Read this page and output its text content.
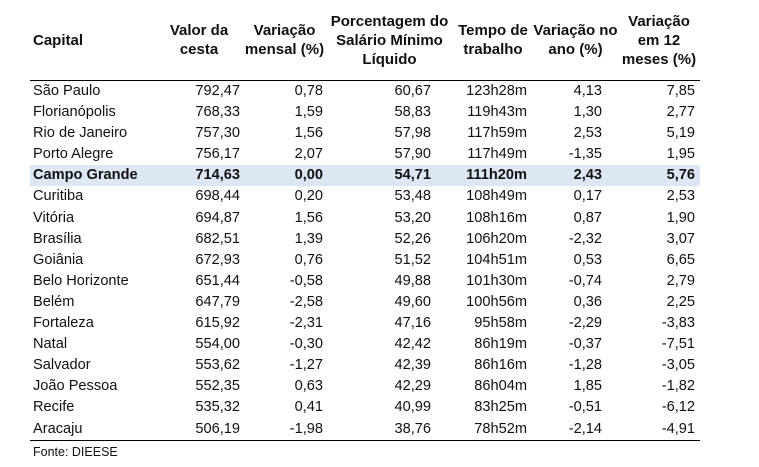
Capital	Valor da cesta	Variação mensal (%)	Porcentagem do Salário Mínimo Líquido	Tempo de trabalho	Variação no ano (%)	Variação em 12 meses (%)

São Paulo	792,47	0,78	60,67	123h28m	4,13	7,85
Florianópolis	768,33	1,59	58,83	119h43m	1,30	2,77
Rio de Janeiro	757,30	1,56	57,98	117h59m	2,53	5,19
Porto Alegre	756,17	2,07	57,90	117h49m	-1,35	1,95
Campo Grande	714,63	0,00	54,71	111h20m	2,43	5,76
Curitiba	698,44	0,20	53,48	108h49m	0,17	2,53
Vitória	694,87	1,56	53,20	108h16m	0,87	1,90
Brasília	682,51	1,39	52,26	106h20m	-2,32	3,07
Goiânia	672,93	0,76	51,52	104h51m	0,53	6,65
Belo Horizonte	651,44	-0,58	49,88	101h30m	-0,74	2,79
Belém	647,79	-2,58	49,60	100h56m	0,36	2,25
Fortaleza	615,92	-2,31	47,16	95h58m	-2,29	-3,83
Natal	554,00	-0,30	42,42	86h19m	-0,37	-7,51
Salvador	553,62	-1,27	42,39	86h16m	-1,28	-3,05
João Pessoa	552,35	0,63	42,29	86h04m	1,85	-1,82
Recife	535,32	0,41	40,99	83h25m	-0,51	-6,12
Aracaju	506,19	-1,98	38,76	78h52m	-2,14	-4,91
Fonte: DIEESE
